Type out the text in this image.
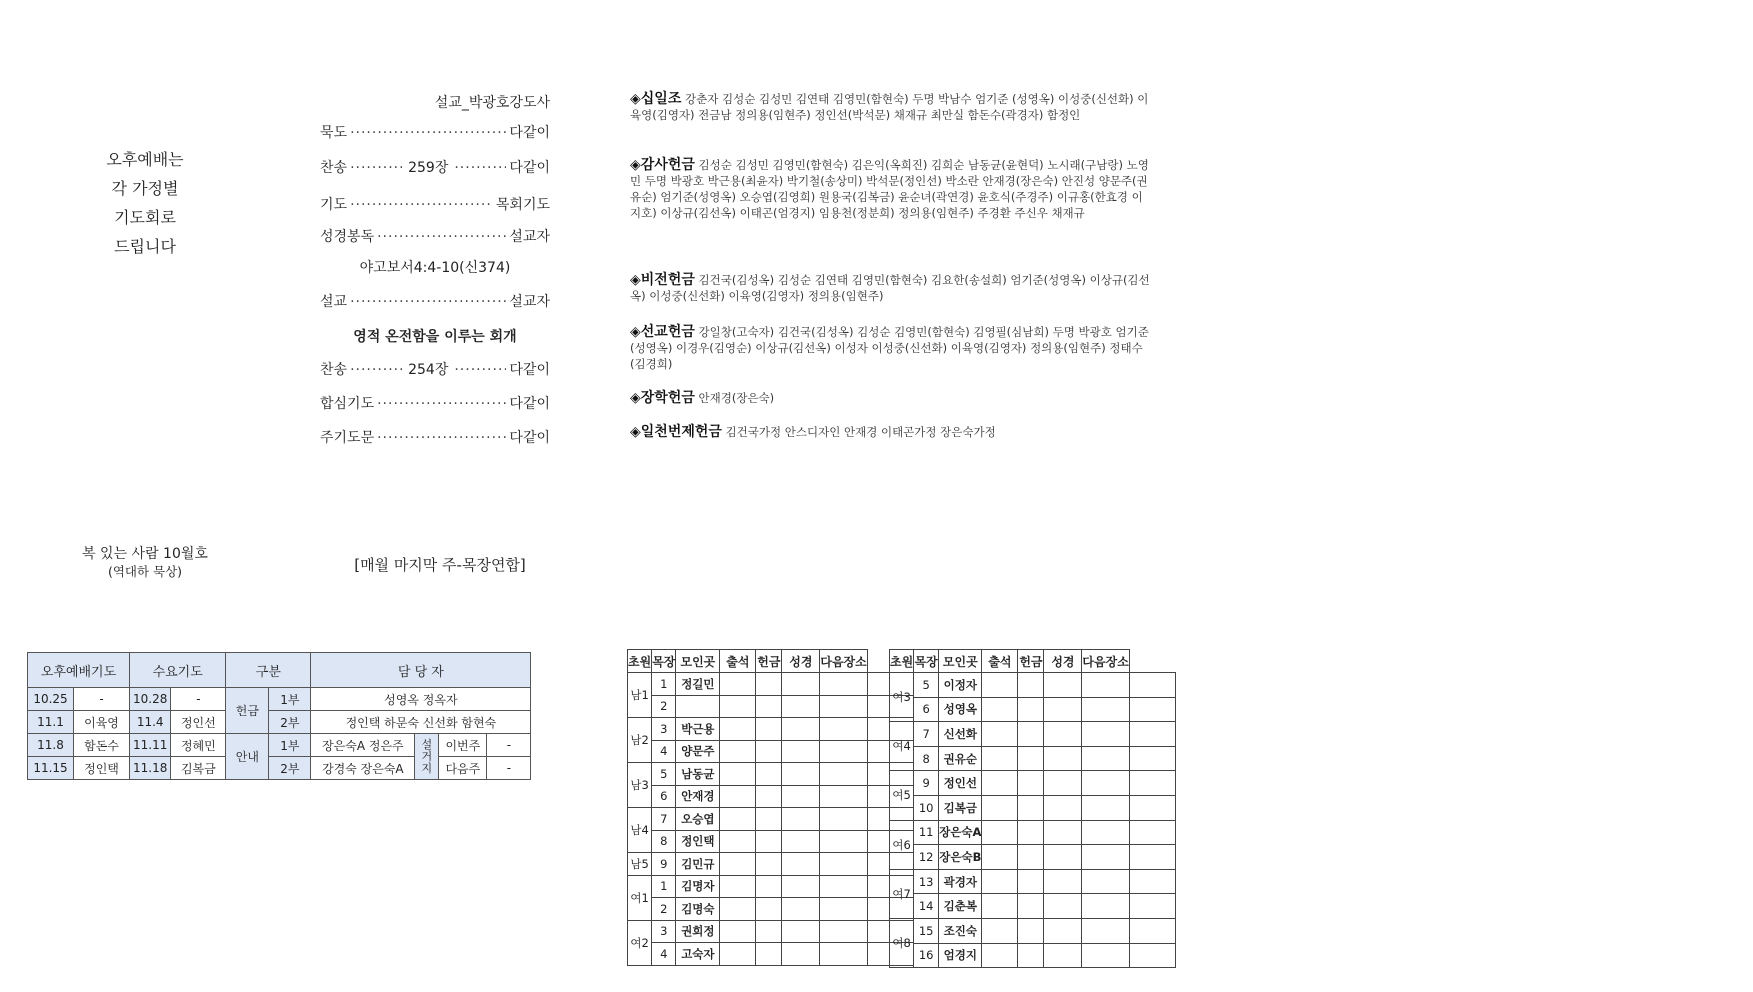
오후예배는
각 가정별
기도회로
드립니다
설교_박광호강도사
묵도 ·····	다같이
찬송 ·····	259장 ·····	다같이
기도 ·····	목회기도
성경봉독 ·····	설교자
야고보서4:4-10(신374)
설교 ·····	설교자
영적 온전함을 이루는 회개
찬송 ·····	254장 ·····	다같이
합심기도 ·····	다같이
주기도문 ·····	다같이
◈십일조 강춘자 김성순 김성민 김연태 김영민(함현숙) 두명 박남수 엄기준 (성영옥) 이성중(신선화) 이육영(김영자) 전금남 정의용(임현주) 정인선(박석문) 채재규 최만실 함돈수(곽경자) 함정인
◈감사헌금 김성순 김성민 김영민(함현숙) 김은익(옥희진) 김희순 남동균(윤현덕) 노시래(구남랑) 노영민 두명 박광호 박근용(최윤자) 박기철(송상미) 박석문(정인선) 박소란 안재경(장은숙) 안진성 양문주(권유순) 엄기준(성영옥) 오승엽(김영희) 원용국(김복금) 윤순녀(곽연경) 윤호식(주경주) 이규홍(한효경 이지호) 이상규(김선옥) 이태곤(엄경지) 임용천(정분희) 정의용(임현주) 주경환 주신우 채재규
◈비전헌금 김건국(김성옥) 김성순 김연태 김영민(함현숙) 김요한(송설희) 엄기준(성영옥) 이상규(김선옥) 이성중(신선화) 이육영(김영자) 정의용(임현주)
◈선교헌금 강일창(고숙자) 김건국(김성옥) 김성순 김영민(함현숙) 김영필(심남희) 두명 박광호 엄기준(성영옥) 이경우(김영순) 이상규(김선옥) 이성자 이성중(신선화) 이육영(김영자) 정의용(임현주) 정태수(김경희)
◈장학헌금 안재경(장은숙)
◈일천번제헌금 김건국가정 안스디자인 안재경 이태곤가정 장은숙가정
복 있는 사람 10월호
(역대하 묵상)	[매월 마지막 주-목장연합]
오후예배기도		수요기도		구분		담 당 자			
10.25	-	10.28	-	헌금	1부	성영옥 정옥자			
11.1	이육영	11.4	정인선		2부	정인택 하문숙 신선화 함현숙			
11.8	함돈수	11.11	정혜민	안내	1부	장은숙A 정은주	설거지	이번주	-
11.15	정인택	11.18	김복금		2부	강경숙 장은숙A		다음주	-
초원	목장	모인곳	출석	헌금	성경	다음장소	
남1	1	정길민					
	2						
남2	3	박근용					
	4	양문주					
남3	5	남동균					
	6	안재경					
남4	7	오승엽					
	8	정인택					
남5	9	김민규					
여1	1	김명자					
	2	김명숙					
여2	3	권희정					
	4	고숙자					
초원	목장	모인곳	출석	헌금	성경	다음장소	
여3	5	이정자					
	6	성영옥					
여4	7	신선화					
	8	권유순					
여5	9	정인선					
	10	김복금					
여6	11	장은숙A					
	12	장은숙B					
여7	13	곽경자					
	14	김춘복					
여8	15	조진숙					
	16	엄경지					
